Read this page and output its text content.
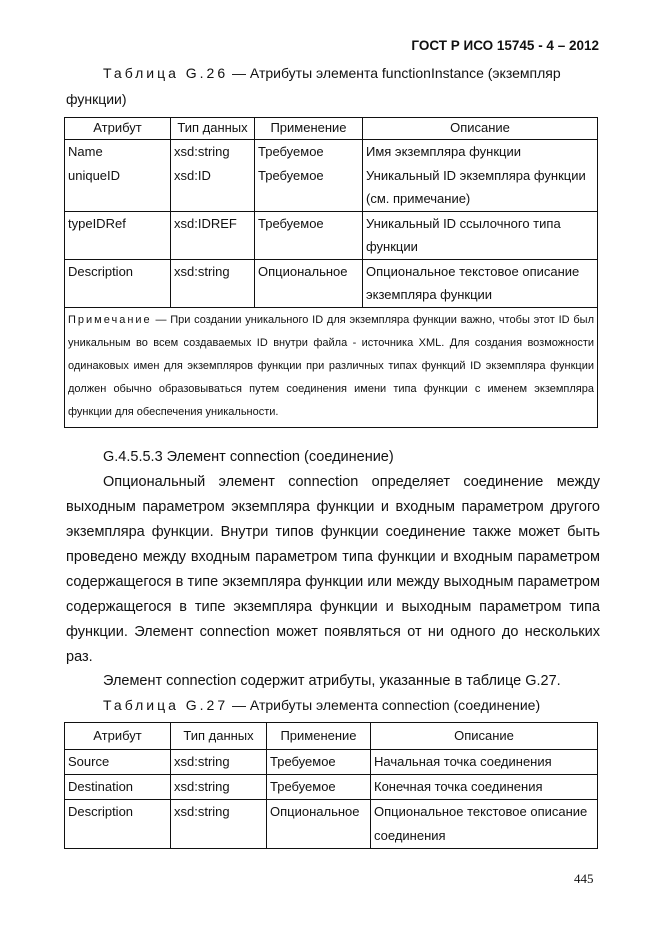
ГОСТ Р ИСО 15745 - 4 – 2012
Таблица G.26 — Атрибуты элемента functionInstance (экземпляр функции)
Атрибут	Тип данных	Применение	Описание
Name	xsd:string	Требуемое	Имя экземпляра функции
uniqueID	xsd:ID	Требуемое	Уникальный ID экземпляра функции (см. примечание)
typeIDRef	xsd:IDREF	Требуемое	Уникальный ID ссылочного типа функции
Description	xsd:string	Опциональное	Опциональное текстовое описание экземпляра функции
Примечание — При создании уникального ID для экземпляра функции важно, чтобы этот ID был уникальным во всем создаваемых ID внутри файла - источника XML. Для создания возможности одинаковых имен для экземпляров функции при различных типах функций ID экземпляра функции должен обычно образовываться путем соединения имени типа функции с именем экземпляра функции для обеспечения уникальности.			
G.4.5.5.3 Элемент connection (соединение)
Опциональный элемент connection определяет соединение между выходным параметром экземпляра функции и входным параметром другого экземпляра функции. Внутри типов функции соединение также может быть проведено между входным параметром типа функции и входным параметром содержащегося в типе экземпляра функции или между выходным параметром содержащегося в типе экземпляра функции и выходным параметром типа функции. Элемент connection может появляться от ни одного до нескольких раз.
Элемент connection содержит атрибуты, указанные в таблице G.27.
Таблица G.27 — Атрибуты элемента connection (соединение)
Атрибут	Тип данных	Применение	Описание
Source	xsd:string	Требуемое	Начальная точка соединения
Destination	xsd:string	Требуемое	Конечная точка соединения
Description	xsd:string	Опциональное	Опциональное текстовое описание соединения
445
